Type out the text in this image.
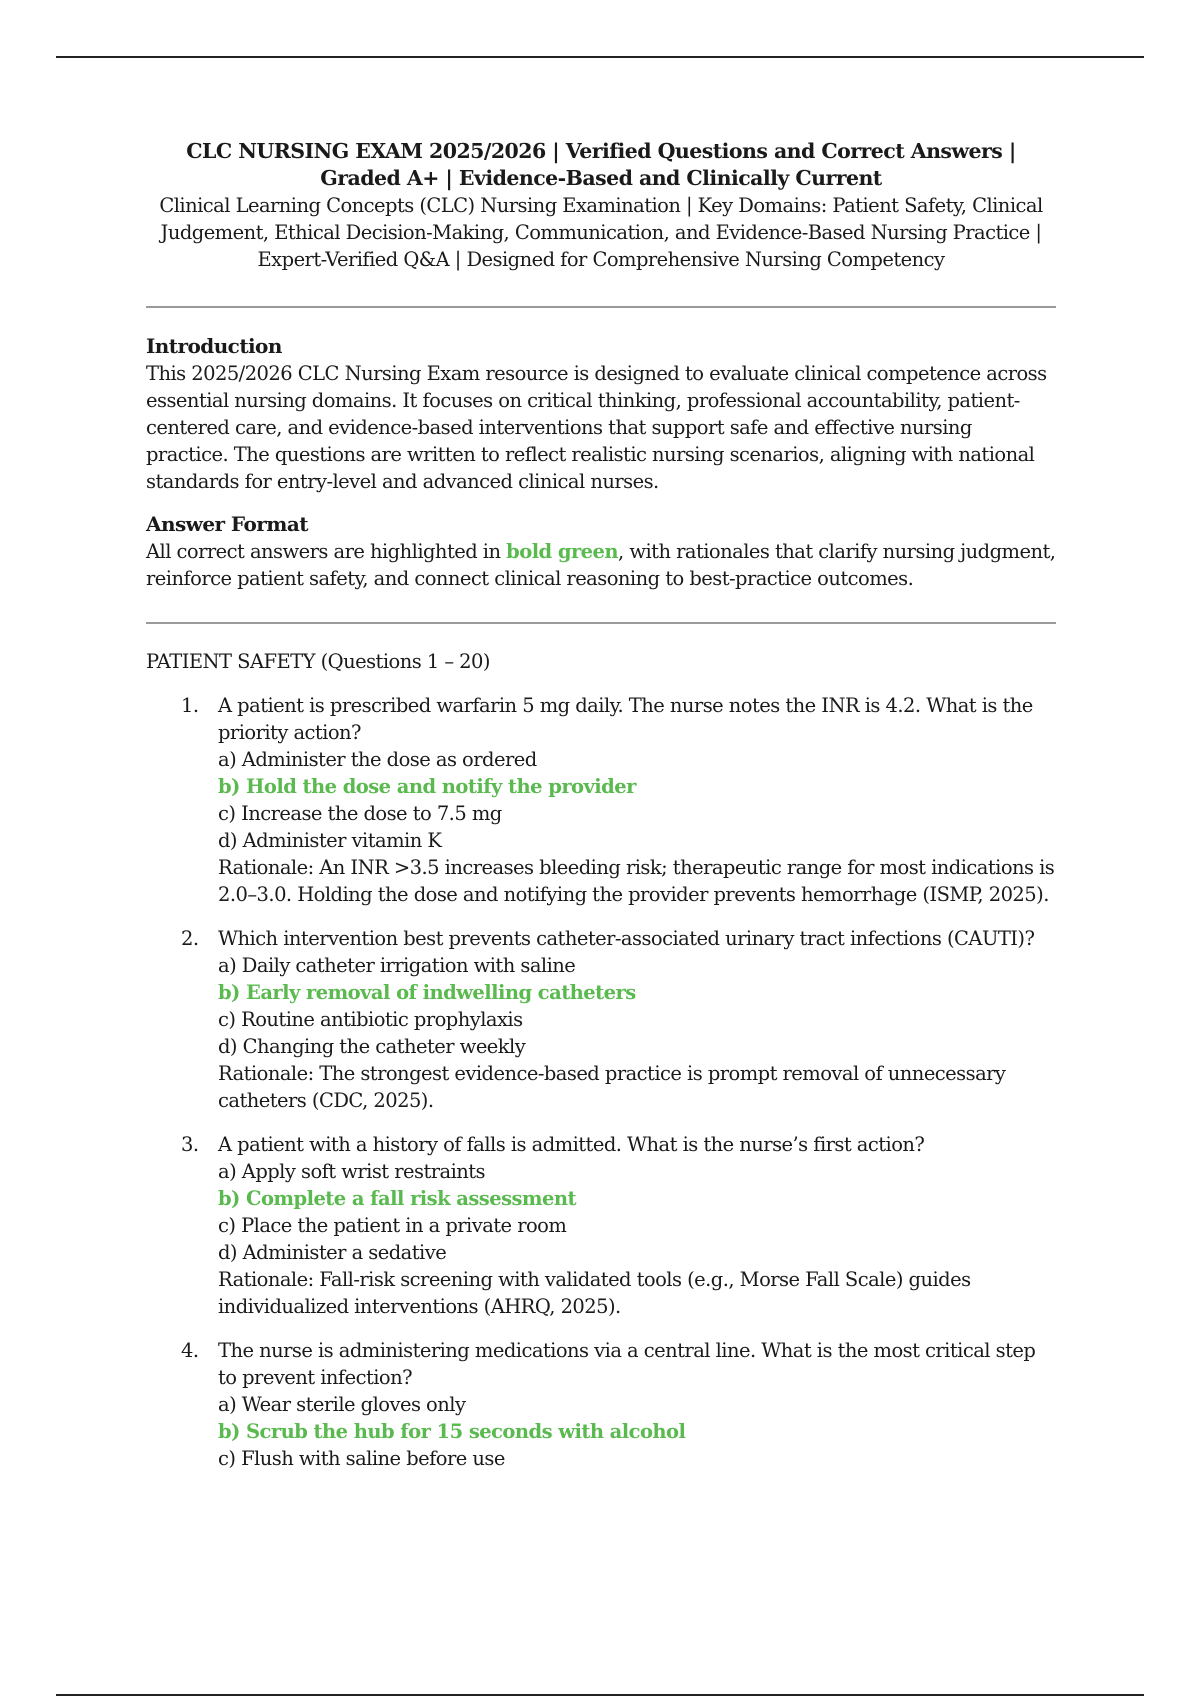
CLC NURSING EXAM 2025/2026 | Verified Questions and Correct Answers | Graded A+ | Evidence-Based and Clinically Current

Clinical Learning Concepts (CLC) Nursing Examination | Key Domains: Patient Safety, Clinical Judgement, Ethical Decision-Making, Communication, and Evidence-Based Nursing Practice | Expert-Verified Q&A | Designed for Comprehensive Nursing Competency

Introduction

This 2025/2026 CLC Nursing Exam resource is designed to evaluate clinical competence across essential nursing domains. It focuses on critical thinking, professional accountability, patient-centered care, and evidence-based interventions that support safe and effective nursing practice. The questions are written to reflect realistic nursing scenarios, aligning with national standards for entry-level and advanced clinical nurses.

Answer Format

All correct answers are highlighted in bold green, with rationales that clarify nursing judgment, reinforce patient safety, and connect clinical reasoning to best-practice outcomes.

PATIENT SAFETY (Questions 1 – 20)

1. A patient is prescribed warfarin 5 mg daily. The nurse notes the INR is 4.2. What is the priority action?
a) Administer the dose as ordered
b) Hold the dose and notify the provider
c) Increase the dose to 7.5 mg
d) Administer vitamin K
Rationale: An INR >3.5 increases bleeding risk; therapeutic range for most indications is 2.0–3.0. Holding the dose and notifying the provider prevents hemorrhage (ISMP, 2025).
2. Which intervention best prevents catheter-associated urinary tract infections (CAUTI)?
a) Daily catheter irrigation with saline
b) Early removal of indwelling catheters
c) Routine antibiotic prophylaxis
d) Changing the catheter weekly
Rationale: The strongest evidence-based practice is prompt removal of unnecessary catheters (CDC, 2025).
3. A patient with a history of falls is admitted. What is the nurse’s first action?
a) Apply soft wrist restraints
b) Complete a fall risk assessment
c) Place the patient in a private room
d) Administer a sedative
Rationale: Fall-risk screening with validated tools (e.g., Morse Fall Scale) guides individualized interventions (AHRQ, 2025).
4. The nurse is administering medications via a central line. What is the most critical step to prevent infection?
a) Wear sterile gloves only
b) Scrub the hub for 15 seconds with alcohol
c) Flush with saline before use
